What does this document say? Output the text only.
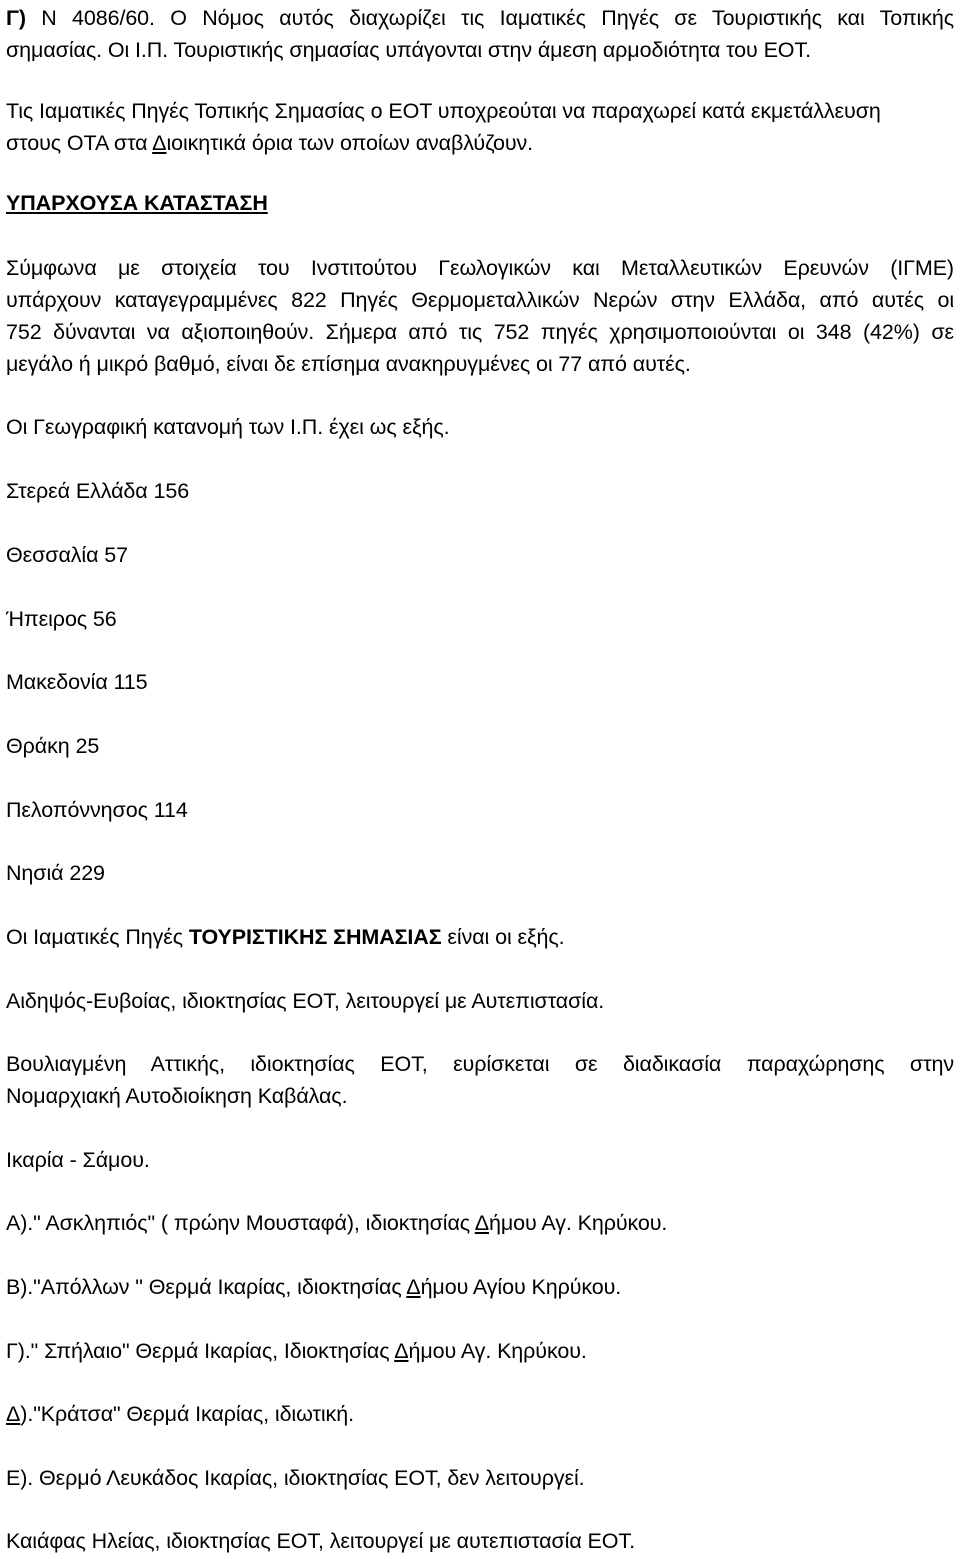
Γ) Ν 4086/60. Ο Νόμος αυτός διαχωρίζει τις Ιαματικές Πηγές σε Τουριστικής και Τοπικής
σημασίας. Οι Ι.Π. Τουριστικής σημασίας υπάγονται στην άμεση αρμοδιότητα του ΕΟΤ.

Τις Ιαματικές Πηγές Τοπικής Σημασίας ο ΕΟΤ υποχρεούται να παραχωρεί κατά εκμετάλλευση
στους ΟΤΑ στα Διοικητικά όρια των οποίων αναβλύζουν.

ΥΠΑΡΧΟΥΣΑ ΚΑΤΑΣΤΑΣΗ

Σύμφωνα με στοιχεία του Ινστιτούτου Γεωλογικών και Μεταλλευτικών Ερευνών (ΙΓΜΕ)
υπάρχουν καταγεγραμμένες 822 Πηγές Θερμομεταλλικών Νερών στην Ελλάδα, από αυτές οι
752 δύνανται να αξιοποιηθούν. Σήμερα από τις 752 πηγές χρησιμοποιούνται οι 348 (42%) σε
μεγάλο ή μικρό βαθμό, είναι δε επίσημα ανακηρυγμένες οι 77 από αυτές.

Οι Γεωγραφική κατανομή των Ι.Π. έχει ως εξής.

Στερεά Ελλάδα 156

Θεσσαλία 57

Ήπειρος 56

Μακεδονία 115

Θράκη 25

Πελοπόννησος 114

Νησιά 229

Οι Ιαματικές Πηγές ΤΟΥΡΙΣΤΙΚΗΣ ΣΗΜΑΣΙΑΣ είναι οι εξής.

Αιδηψός-Ευβοίας, ιδιοκτησίας ΕΟΤ, λειτουργεί με Αυτεπιστασία.

Βουλιαγμένη Αττικής, ιδιοκτησίας ΕΟΤ, ευρίσκεται σε διαδικασία παραχώρησης στην
Νομαρχιακή Αυτοδιοίκηση Καβάλας.

Ικαρία - Σάμου.

Α)." Ασκληπιός" ( πρώην Μουσταφά), ιδιοκτησίας Δήμου Αγ. Κηρύκου.

Β)."Απόλλων " Θερμά Ικαρίας, ιδιοκτησίας Δήμου Αγίου Κηρύκου.

Γ)." Σπήλαιο" Θερμά Ικαρίας, Ιδιοκτησίας Δήμου Αγ. Κηρύκου.

Δ)."Κράτσα" Θερμά Ικαρίας, ιδιωτική.

Ε). Θερμό Λευκάδος Ικαρίας, ιδιοκτησίας ΕΟΤ, δεν λειτουργεί.

Καιάφας Ηλείας, ιδιοκτησίας ΕΟΤ, λειτουργεί με αυτεπιστασία ΕΟΤ.
